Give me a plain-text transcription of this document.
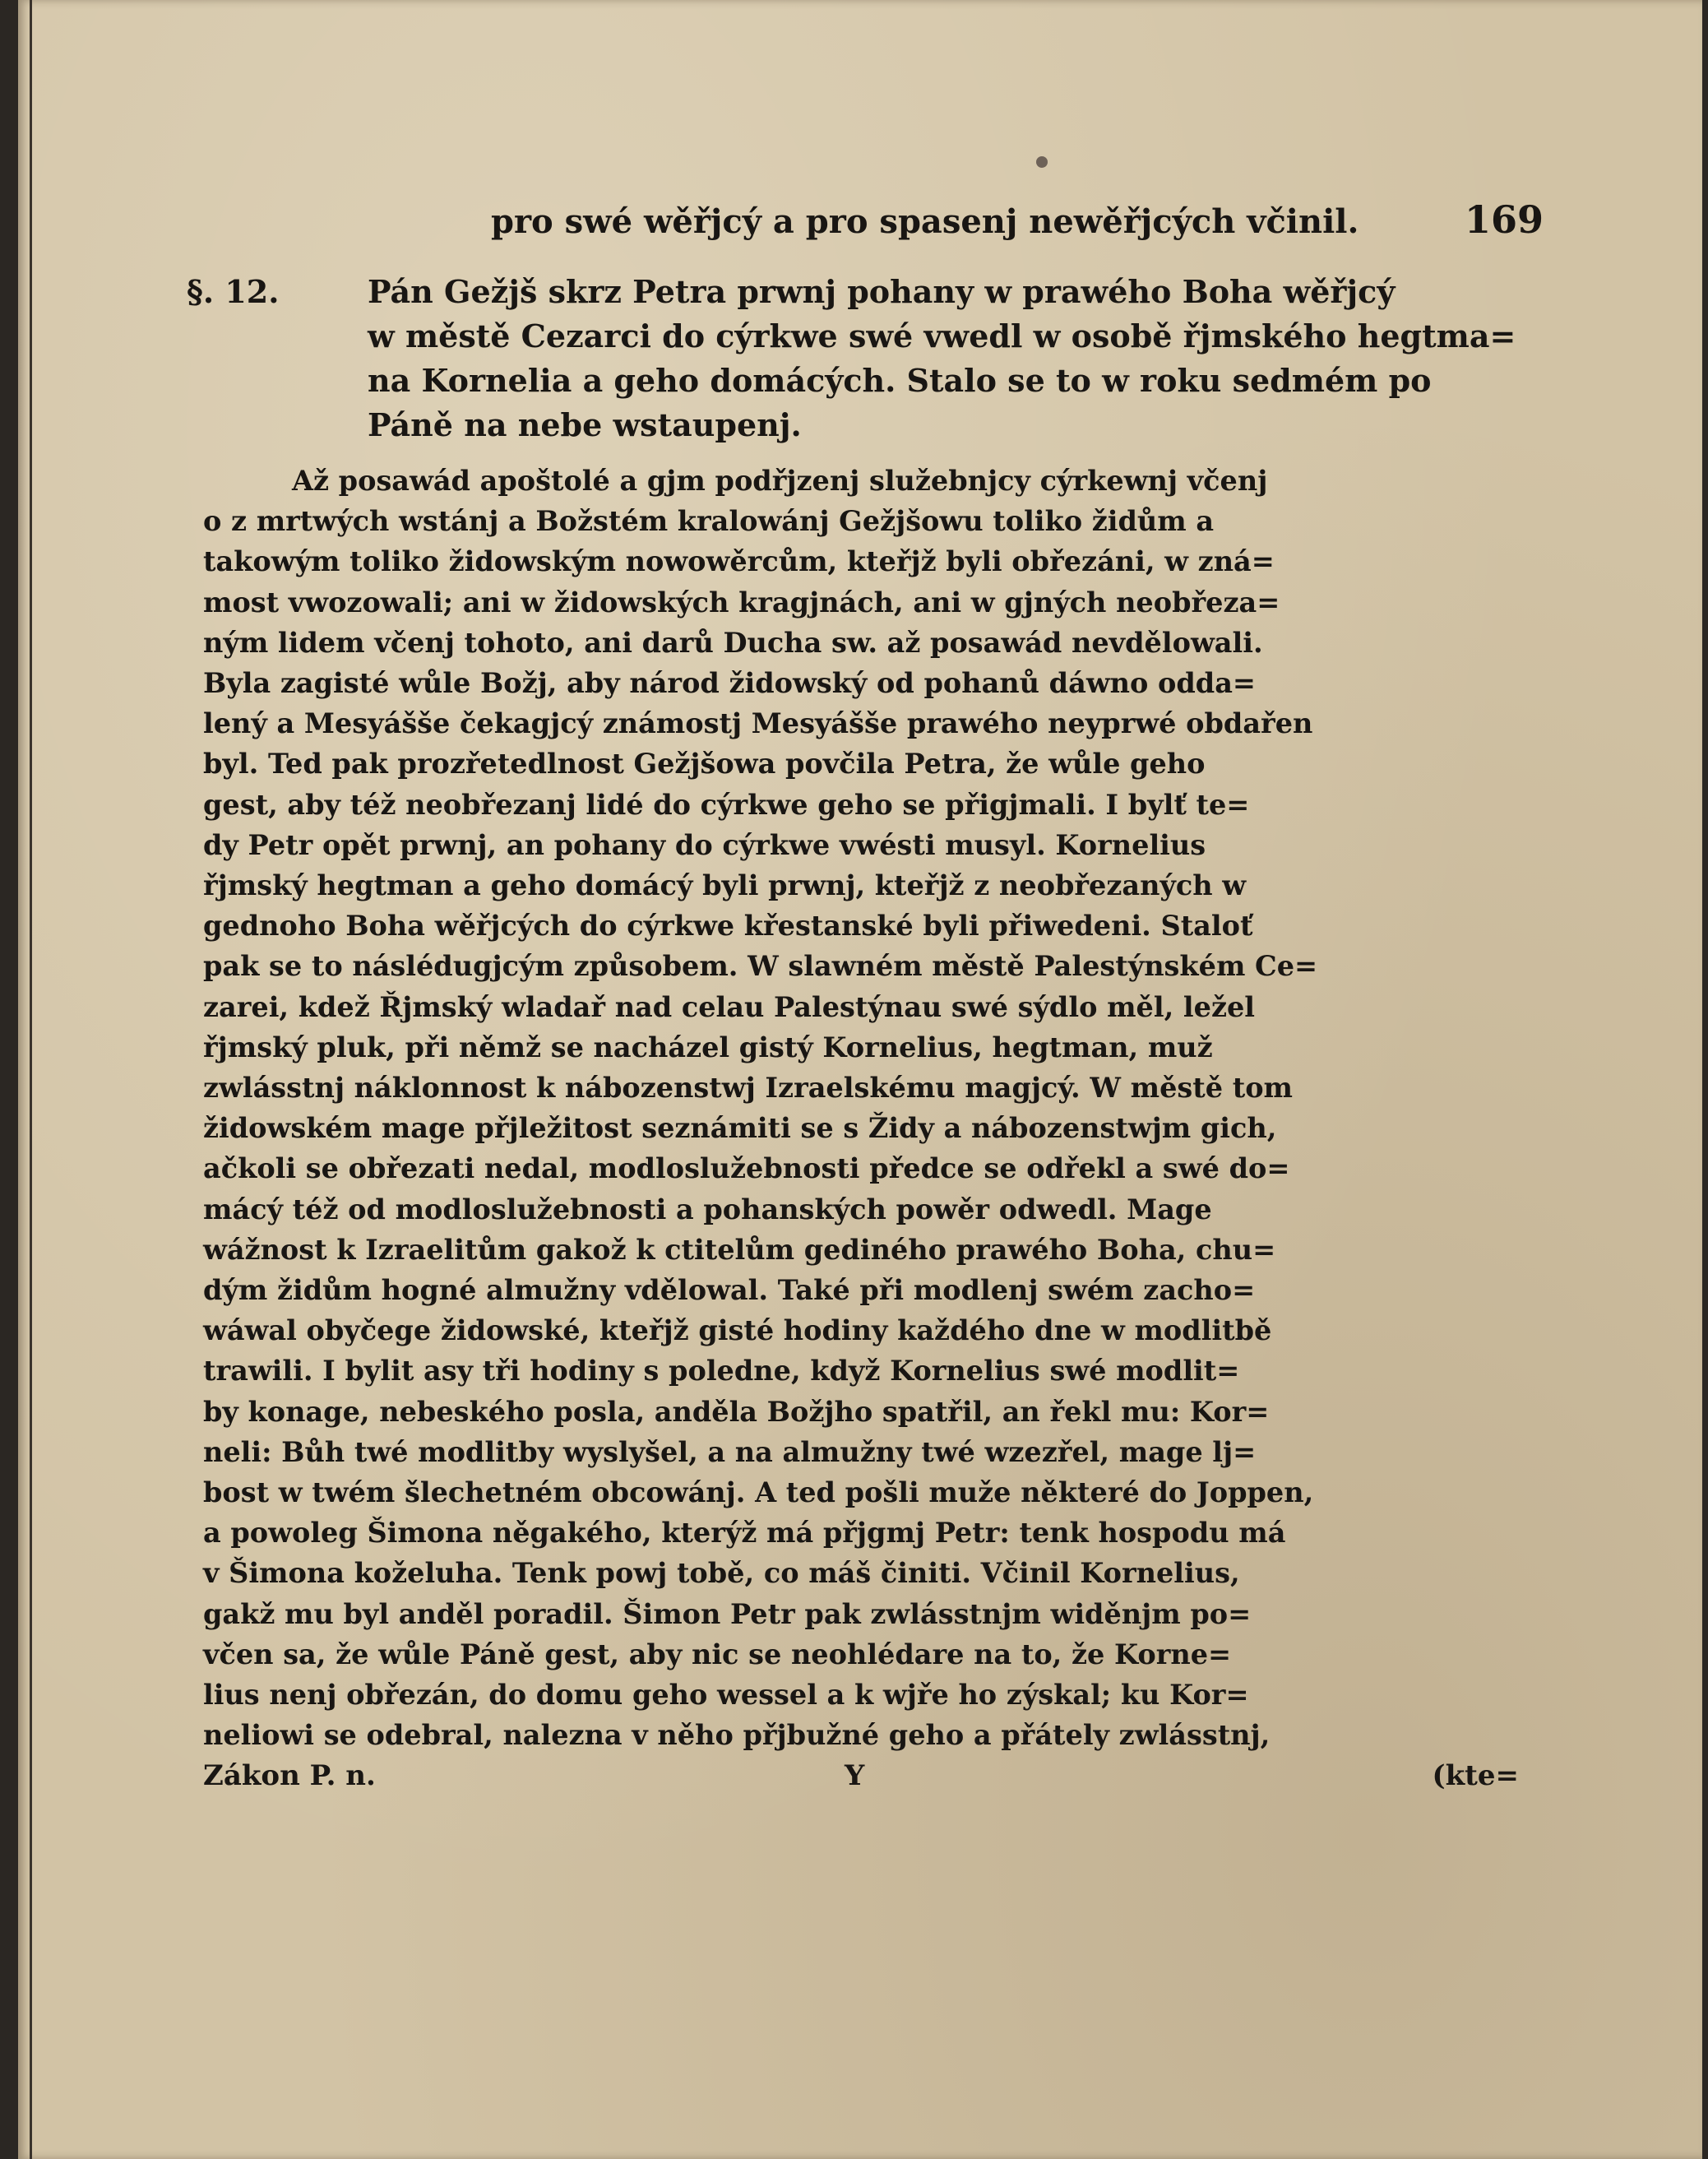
pro swé wěřjcý a pro spasenj newěřjcých včinil.	169
§. 12.	Pán Gežjš skrz Petra prwnj pohany w prawého Boha wěřjcý
w městě Cezarci do cýrkwe swé vwedl w osobě řjmského hegtma=
na Kornelia a geho domácých. Stalo se to w roku sedmém po
Páně na nebe wstaupenj.
Až posawád apoštolé a gjm podřjzenj služebnjcy cýrkewnj včenj
o z mrtwých wstánj a Božstém kralowánj Gežjšowu toliko židům a
takowým toliko židowským nowowěrcům, kteřjž byli obřezáni, w zná=
most vwozowali; ani w židowských kragjnách, ani w gjných neobřeza=
ným lidem včenj tohoto, ani darů Ducha sw. až posawád nevdělowali.
Byla zagisté wůle Božj, aby národ židowský od pohanů dáwno odda=
lený a Mesyášše čekagjcý známostj Mesyášše prawého neyprwé obdařen
byl. Ted pak prozřetedlnost Gežjšowa povčila Petra, že wůle geho
gest, aby též neobřezanj lidé do cýrkwe geho se přigjmali. I bylť te=
dy Petr opět prwnj, an pohany do cýrkwe vwésti musyl. Kornelius
řjmský hegtman a geho domácý byli prwnj, kteřjž z neobřezaných w
gednoho Boha wěřjcých do cýrkwe křestanské byli přiwedeni. Staloť
pak se to náslédugjcým způsobem. W slawném městě Palestýnském Ce=
zarei, kdež Řjmský wladař nad celau Palestýnau swé sýdlo měl, ležel
řjmský pluk, při němž se nacházel gistý Kornelius, hegtman, muž
zwlásstnj náklonnost k nábozenstwj Izraelskému magjcý. W městě tom
židowském mage přjležitost seznámiti se s Židy a nábozenstwjm gich,
ačkoli se obřezati nedal, modloslužebnosti předce se odřekl a swé do=
mácý též od modloslužebnosti a pohanských powěr odwedl. Mage
wážnost k Izraelitům gakož k ctitelům gediného prawého Boha, chu=
dým židům hogné almužny vdělowal. Také při modlenj swém zacho=
wáwal obyčege židowské, kteřjž gisté hodiny každého dne w modlitbě
trawili. I bylit asy tři hodiny s poledne, když Kornelius swé modlit=
by konage, nebeského posla, anděla Božjho spatřil, an řekl mu: Kor=
neli: Bůh twé modlitby wyslyšel, a na almužny twé wzezřel, mage lj=
bost w twém šlechetném obcowánj. A ted pošli muže některé do Joppen,
a powoleg Šimona něgakého, kterýž má přjgmj Petr: tenk hospodu má
v Šimona koželuha. Tenk powj tobě, co máš činiti. Včinil Kornelius,
gakž mu byl anděl poradil. Šimon Petr pak zwlásstnjm widěnjm po=
včen sa, že wůle Páně gest, aby nic se neohlédare na to, že Korne=
lius nenj obřezán, do domu geho wessel a k wjře ho zýskal; ku Kor=
neliowi se odebral, nalezna v něho přjbužné geho a přátely zwlásstnj,
Zákon P. n.	Y	(kte=
